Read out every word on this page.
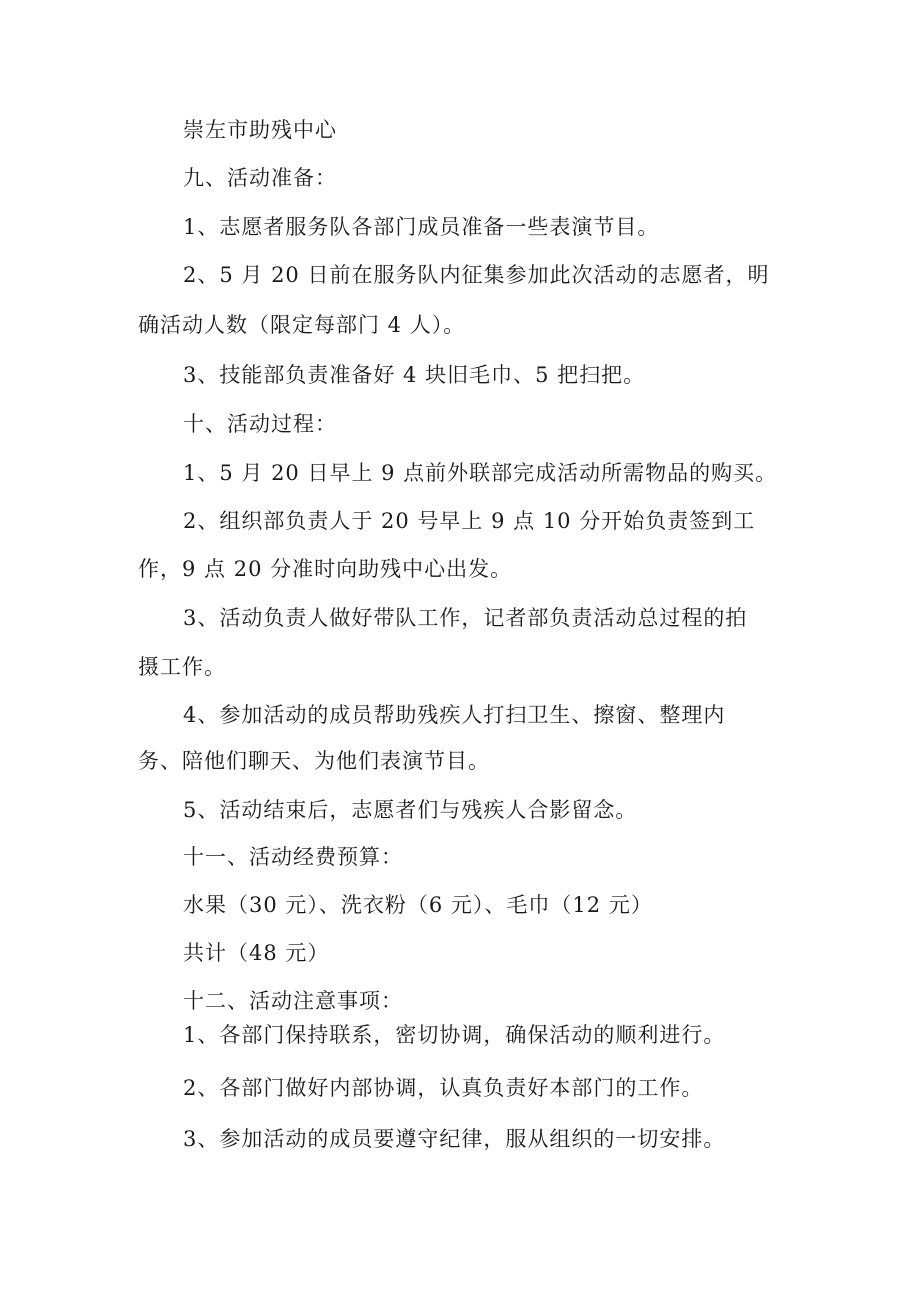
崇左市助残中心
九、活动准备：
1、志愿者服务队各部门成员准备一些表演节目。
2、5 月 20 日前在服务队内征集参加此次活动的志愿者，明
确活动人数（限定每部门 4 人）。
3、技能部负责准备好 4 块旧毛巾、5 把扫把。
十、活动过程：
1、5 月 20 日早上 9 点前外联部完成活动所需物品的购买。
2、组织部负责人于 20 号早上 9 点 10 分开始负责签到工
作，9 点 20 分准时向助残中心出发。
3、活动负责人做好带队工作，记者部负责活动总过程的拍
摄工作。
4、参加活动的成员帮助残疾人打扫卫生、擦窗、整理内
务、陪他们聊天、为他们表演节目。
5、活动结束后，志愿者们与残疾人合影留念。
十一、活动经费预算：
水果（30 元）、洗衣粉（6 元）、毛巾（12 元）
共计（48 元）
十二、活动注意事项：
1、各部门保持联系，密切协调，确保活动的顺利进行。
2、各部门做好内部协调，认真负责好本部门的工作。
3、参加活动的成员要遵守纪律，服从组织的一切安排。
